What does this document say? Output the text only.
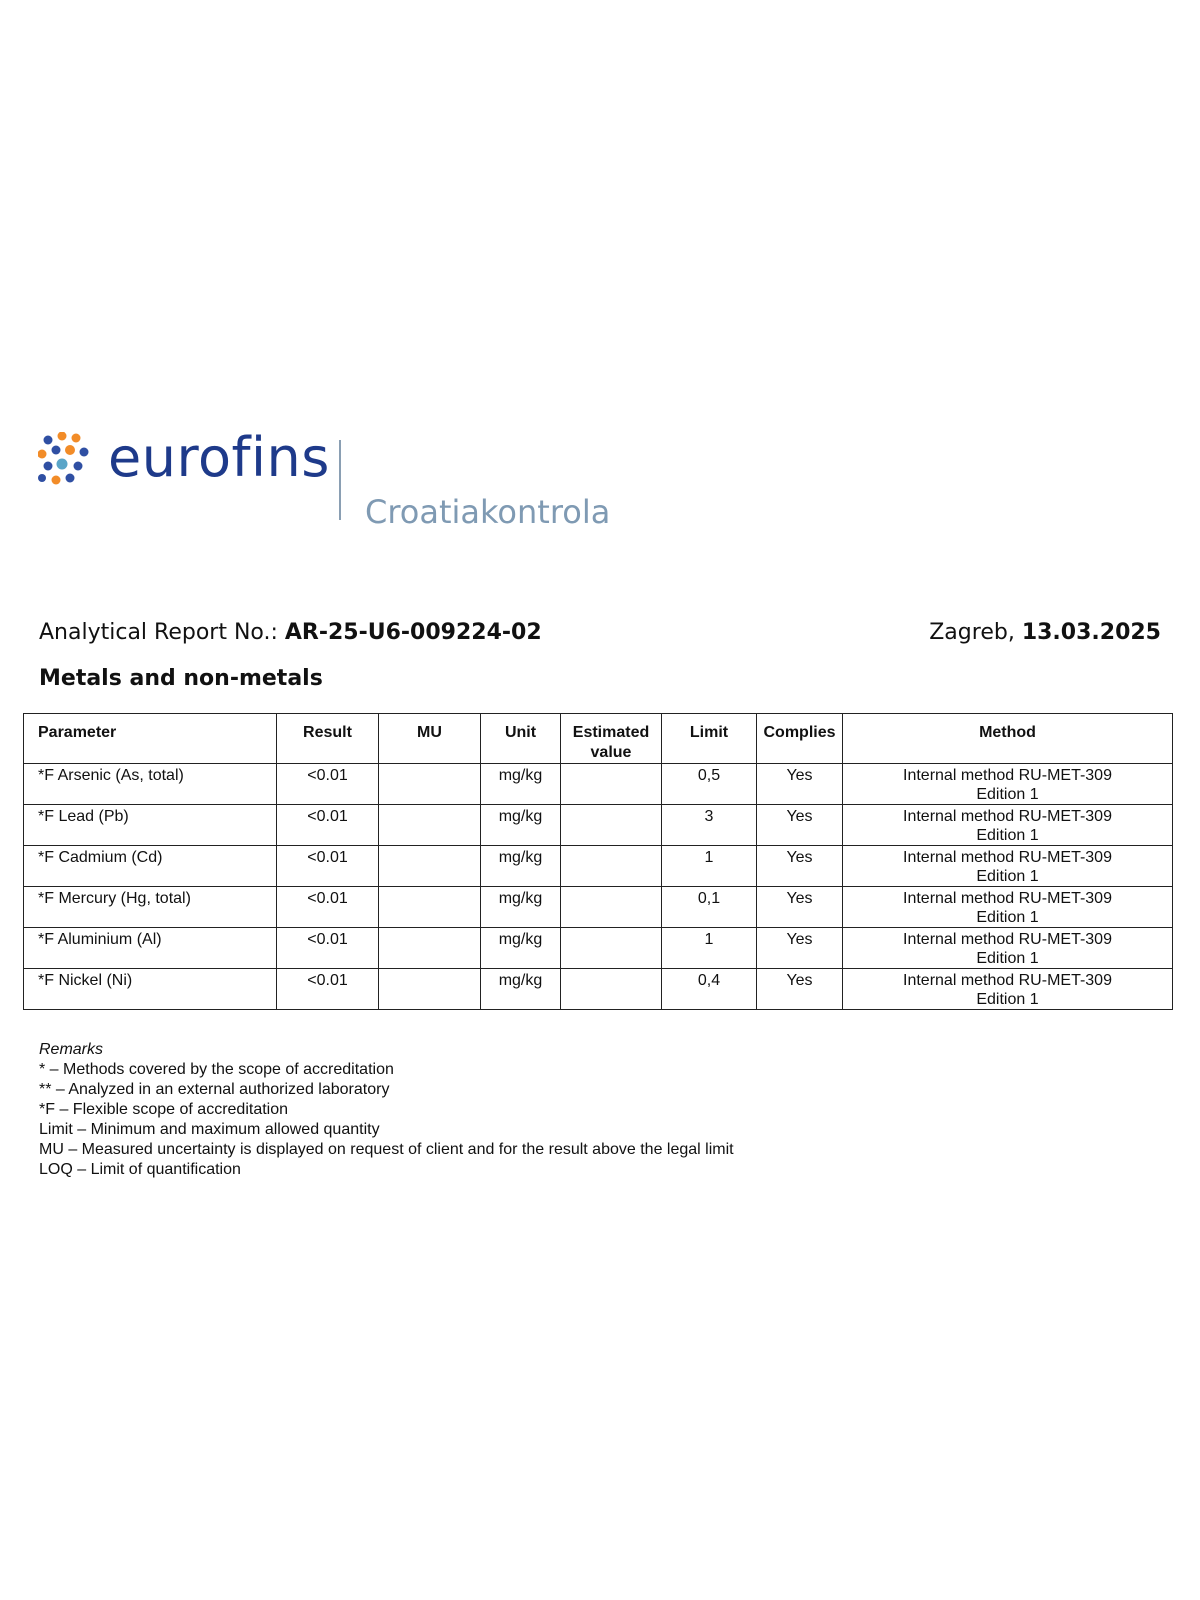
eurofins
Croatiakontrola
Analytical Report No.: AR-25-U6-009224-02	Zagreb, 13.03.2025
Metals and non-metals
Parameter	Result	MU	Unit	Estimated value	Limit	Complies	Method
*F Arsenic (As, total)	<0.01		mg/kg		0,5	Yes	Internal method RU-MET-309
Edition 1

*F Lead (Pb)	<0.01		mg/kg		3	Yes	Internal method RU-MET-309
Edition 1

*F Cadmium (Cd)	<0.01		mg/kg		1	Yes	Internal method RU-MET-309
Edition 1

*F Mercury (Hg, total)	<0.01		mg/kg		0,1	Yes	Internal method RU-MET-309
Edition 1

*F Aluminium (Al)	<0.01		mg/kg		1	Yes	Internal method RU-MET-309
Edition 1

*F Nickel (Ni)	<0.01		mg/kg		0,4	Yes	Internal method RU-MET-309
Edition 1
Remarks
* – Methods covered by the scope of accreditation
** – Analyzed in an external authorized laboratory
*F – Flexible scope of accreditation
Limit – Minimum and maximum allowed quantity
MU – Measured uncertainty is displayed on request of client and for the result above the legal limit
LOQ – Limit of quantification
